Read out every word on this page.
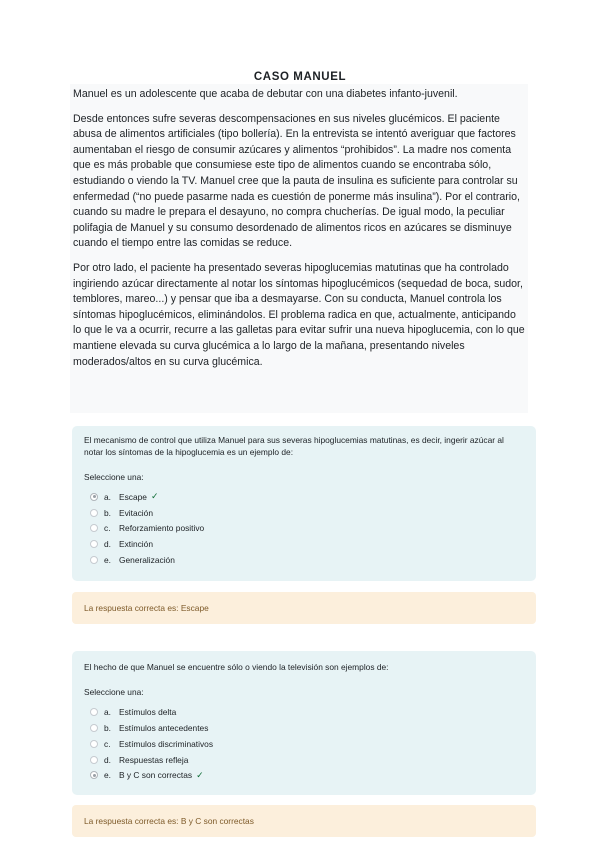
CASO MANUEL

Manuel es un adolescente que acaba de debutar con una diabetes infanto-juvenil.

Desde entonces sufre severas descompensaciones en sus niveles glucémicos. El paciente abusa de alimentos artificiales (tipo bollería). En la entrevista se intentó averiguar que factores aumentaban el riesgo de consumir azúcares y alimentos “prohibidos”. La madre nos comenta que es más probable que consumiese este tipo de alimentos cuando se encontraba sólo, estudiando o viendo la TV. Manuel cree que la pauta de insulina es suficiente para controlar su enfermedad (“no puede pasarme nada es cuestión de ponerme más insulina”). Por el contrario, cuando su madre le prepara el desayuno, no compra chucherías. De igual modo, la peculiar polifagia de Manuel y su consumo desordenado de alimentos ricos en azúcares se disminuye cuando el tiempo entre las comidas se reduce.

Por otro lado, el paciente ha presentado severas hipoglucemias matutinas que ha controlado ingiriendo azúcar directamente al notar los síntomas hipoglucémicos (sequedad de boca, sudor, temblores, mareo...) y pensar que iba a desmayarse. Con su conducta, Manuel controla los síntomas hipoglucémicos, eliminándolos. El problema radica en que, actualmente, anticipando lo que le va a ocurrir, recurre a las galletas para evitar sufrir una nueva hipoglucemia, con lo que mantiene elevada su curva glucémica a lo largo de la mañana, presentando niveles moderados/altos en su curva glucémica.

El mecanismo de control que utiliza Manuel para sus severas hipoglucemias matutinas, es decir, ingerir azúcar al notar los síntomas de la hipoglucemia es un ejemplo de:
Seleccione una:
a. Escape ✓
b. Evitación
c.	Reforzamiento positivo
d. Extinción
e. Generalización
La respuesta correcta es: Escape
El hecho de que Manuel se encuentre sólo o viendo la televisión son ejemplos de:
Seleccione una:
a. Estímulos delta
b. Estímulos antecedentes
c.	Estímulos discriminativos
d. Respuestas refleja
e. B y C son correctas ✓
La respuesta correcta es: B y C son correctas
